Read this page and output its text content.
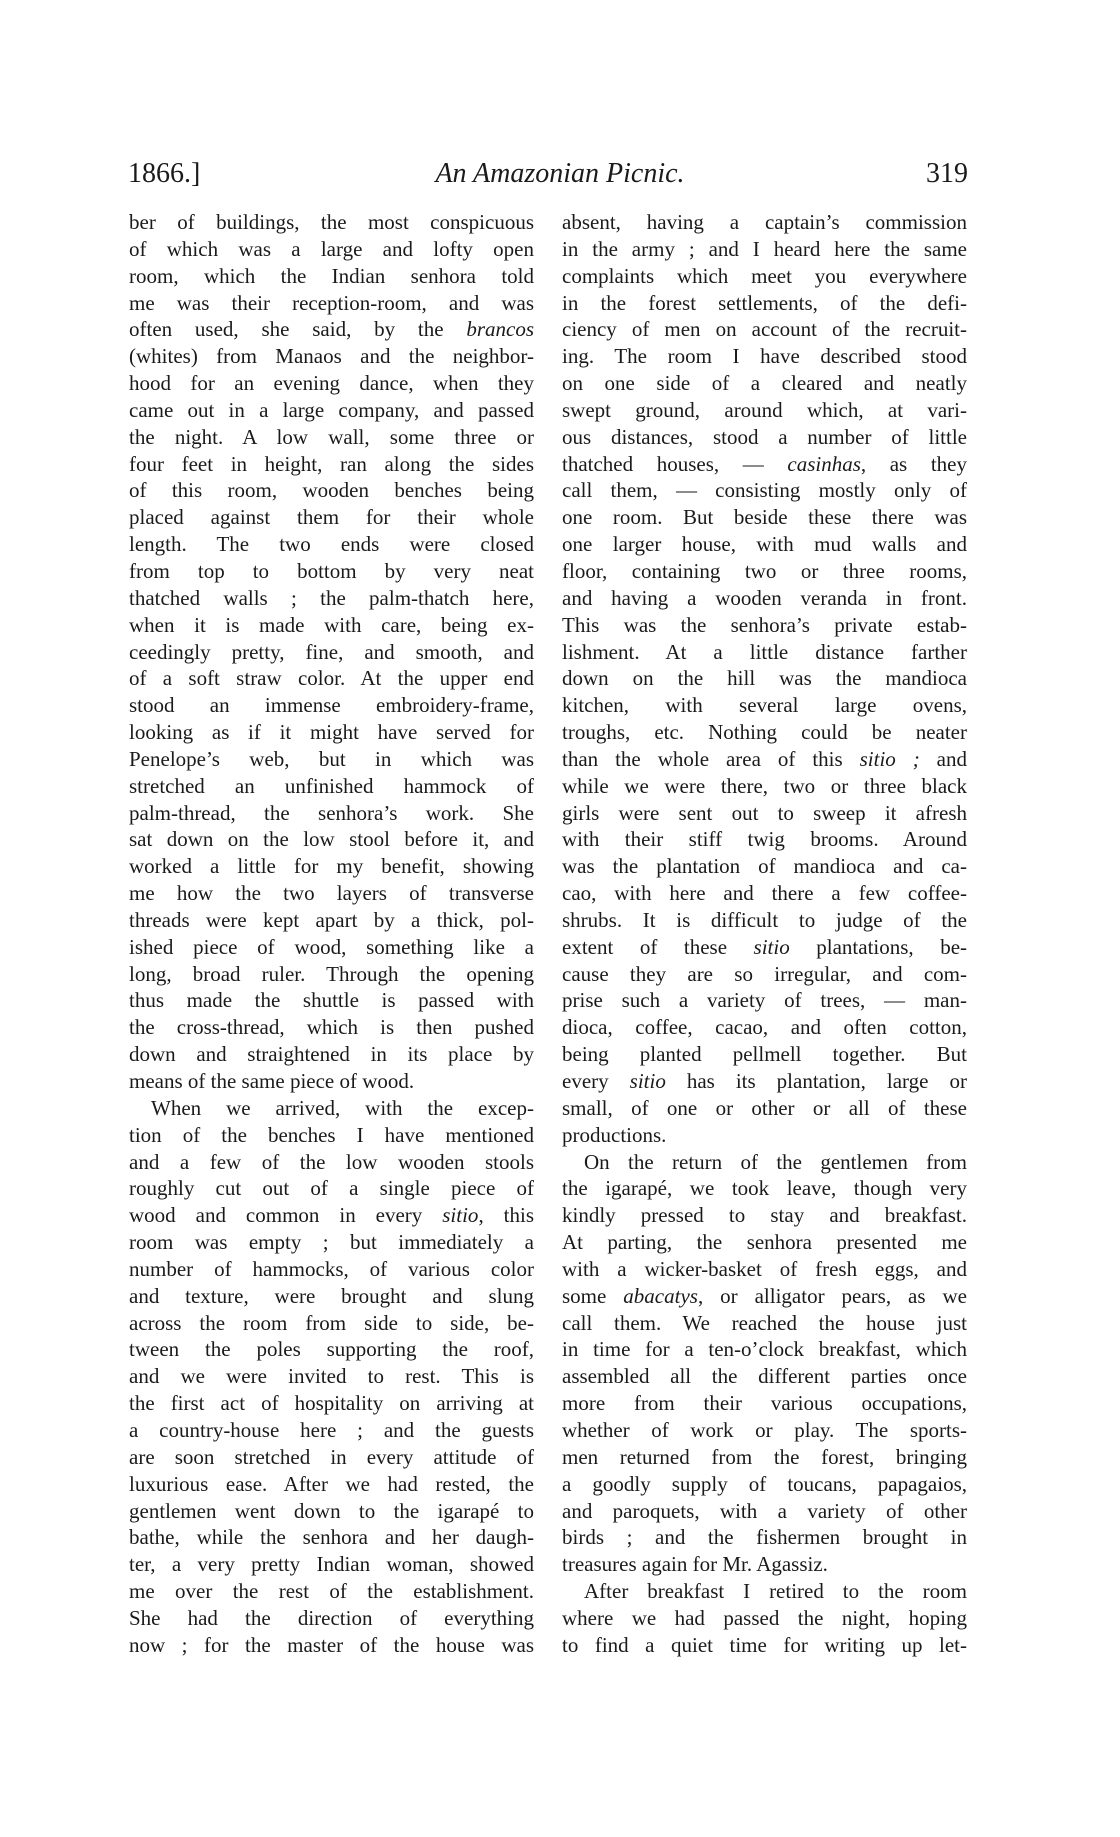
1866.]	An Amazonian Picnic.	319
ber of buildings, the most conspicuous
of which was a large and lofty open
room, which the Indian senhora told
me was their reception-room, and was
often used, she said, by the brancos
(whites) from Manaos and the neighbor-
hood for an evening dance, when they
came out in a large company, and passed
the night. A low wall, some three or
four feet in height, ran along the sides
of this room, wooden benches being
placed against them for their whole
length. The two ends were closed
from top to bottom by very neat
thatched walls ; the palm-thatch here,
when it is made with care, being ex-
ceedingly pretty, fine, and smooth, and
of a soft straw color. At the upper end
stood an immense embroidery-frame,
looking as if it might have served for
Penelope’s web, but in which was
stretched an unfinished hammock of
palm-thread, the senhora’s work. She
sat down on the low stool before it, and
worked a little for my benefit, showing
me how the two layers of transverse
threads were kept apart by a thick, pol-
ished piece of wood, something like a
long, broad ruler. Through the opening
thus made the shuttle is passed with
the cross-thread, which is then pushed
down and straightened in its place by
means of the same piece of wood.
When we arrived, with the excep-
tion of the benches I have mentioned
and a few of the low wooden stools
roughly cut out of a single piece of
wood and common in every sitio, this
room was empty ; but immediately a
number of hammocks, of various color
and texture, were brought and slung
across the room from side to side, be-
tween the poles supporting the roof,
and we were invited to rest. This is
the first act of hospitality on arriving at
a country-house here ; and the guests
are soon stretched in every attitude of
luxurious ease. After we had rested, the
gentlemen went down to the igarapé to
bathe, while the senhora and her daugh-
ter, a very pretty Indian woman, showed
me over the rest of the establishment.
She had the direction of everything
now ; for the master of the house was
absent, having a captain’s commission
in the army ; and I heard here the same
complaints which meet you everywhere
in the forest settlements, of the defi-
ciency of men on account of the recruit-
ing. The room I have described stood
on one side of a cleared and neatly
swept ground, around which, at vari-
ous distances, stood a number of little
thatched houses, — casinhas, as they
call them, — consisting mostly only of
one room. But beside these there was
one larger house, with mud walls and
floor, containing two or three rooms,
and having a wooden veranda in front.
This was the senhora’s private estab-
lishment. At a little distance farther
down on the hill was the mandioca
kitchen, with several large ovens,
troughs, etc. Nothing could be neater
than the whole area of this sitio ; and
while we were there, two or three black
girls were sent out to sweep it afresh
with their stiff twig brooms. Around
was the plantation of mandioca and ca-
cao, with here and there a few coffee-
shrubs. It is difficult to judge of the
extent of these sitio plantations, be-
cause they are so irregular, and com-
prise such a variety of trees, — man-
dioca, coffee, cacao, and often cotton,
being planted pellmell together. But
every sitio has its plantation, large or
small, of one or other or all of these
productions.
On the return of the gentlemen from
the igarapé, we took leave, though very
kindly pressed to stay and breakfast.
At parting, the senhora presented me
with a wicker-basket of fresh eggs, and
some abacatys, or alligator pears, as we
call them. We reached the house just
in time for a ten-o’clock breakfast, which
assembled all the different parties once
more from their various occupations,
whether of work or play. The sports-
men returned from the forest, bringing
a goodly supply of toucans, papagaios,
and paroquets, with a variety of other
birds ; and the fishermen brought in
treasures again for Mr. Agassiz.
After breakfast I retired to the room
where we had passed the night, hoping
to find a quiet time for writing up let-
